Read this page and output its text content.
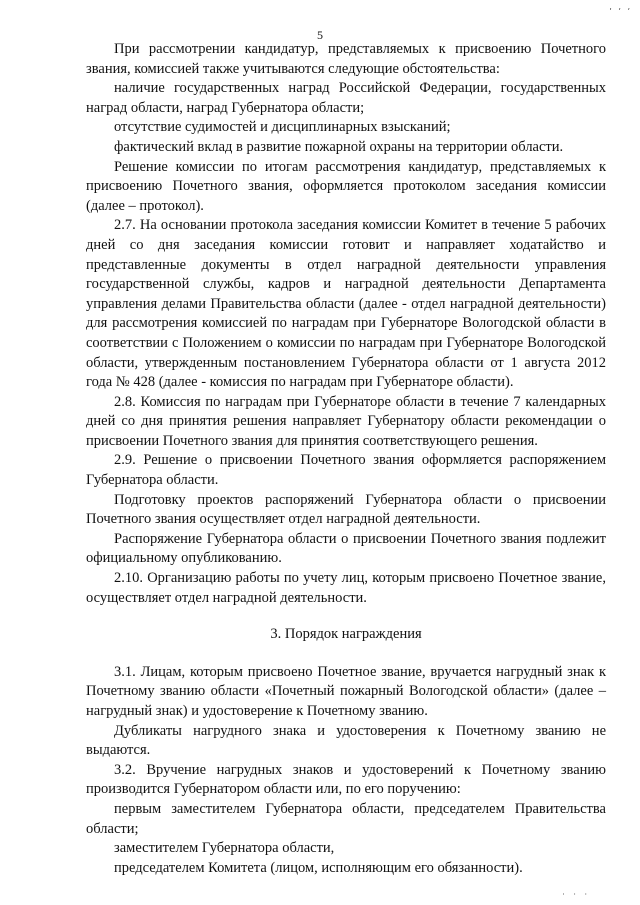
‚ ‚ ‚
5

При рассмотрении кандидатур, представляемых к присвоению Почетного звания, комиссией также учитываются следующие обстоятельства:

наличие государственных наград Российской Федерации, государственных наград области, наград Губернатора области;

отсутствие судимостей и дисциплинарных взысканий;

фактический вклад в развитие пожарной охраны на территории области.

Решение комиссии по итогам рассмотрения кандидатур, представляемых к присвоению Почетного звания, оформляется протоколом заседания комиссии (далее – протокол).

2.7. На основании протокола заседания комиссии Комитет в течение 5 рабочих дней со дня заседания комиссии готовит и направляет ходатайство и представленные документы в отдел наградной деятельности управления государственной службы, кадров и наградной деятельности Департамента управления делами Правительства области (далее - отдел наградной деятельности) для рассмотрения комиссией по наградам при Губернаторе Вологодской области в соответствии с Положением о комиссии по наградам при Губернаторе Вологодской области, утвержденным постановлением Губернатора области от 1 августа 2012 года № 428 (далее - комиссия по наградам при Губернаторе области).

2.8. Комиссия по наградам при Губернаторе области в течение 7 календарных дней со дня принятия решения направляет Губернатору области рекомендации о присвоении Почетного звания для принятия соответствующего решения.

2.9. Решение о присвоении Почетного звания оформляется распоряжением Губернатора области.

Подготовку проектов распоряжений Губернатора области о присвоении Почетного звания осуществляет отдел наградной деятельности.

Распоряжение Губернатора области о присвоении Почетного звания подлежит официальному опубликованию.

2.10. Организацию работы по учету лиц, которым присвоено Почетное звание, осуществляет отдел наградной деятельности.

3. Порядок награждения

3.1. Лицам, которым присвоено Почетное звание, вручается нагрудный знак к Почетному званию области «Почетный пожарный Вологодской области» (далее – нагрудный знак) и удостоверение к Почетному званию.

Дубликаты нагрудного знака и удостоверения к Почетному званию не выдаются.

3.2. Вручение нагрудных знаков и удостоверений к Почетному званию производится Губернатором области или, по его поручению:

первым заместителем Губернатора области, председателем Правительства области;

заместителем Губернатора области,

председателем Комитета (лицом, исполняющим его обязанности).

· · ·
